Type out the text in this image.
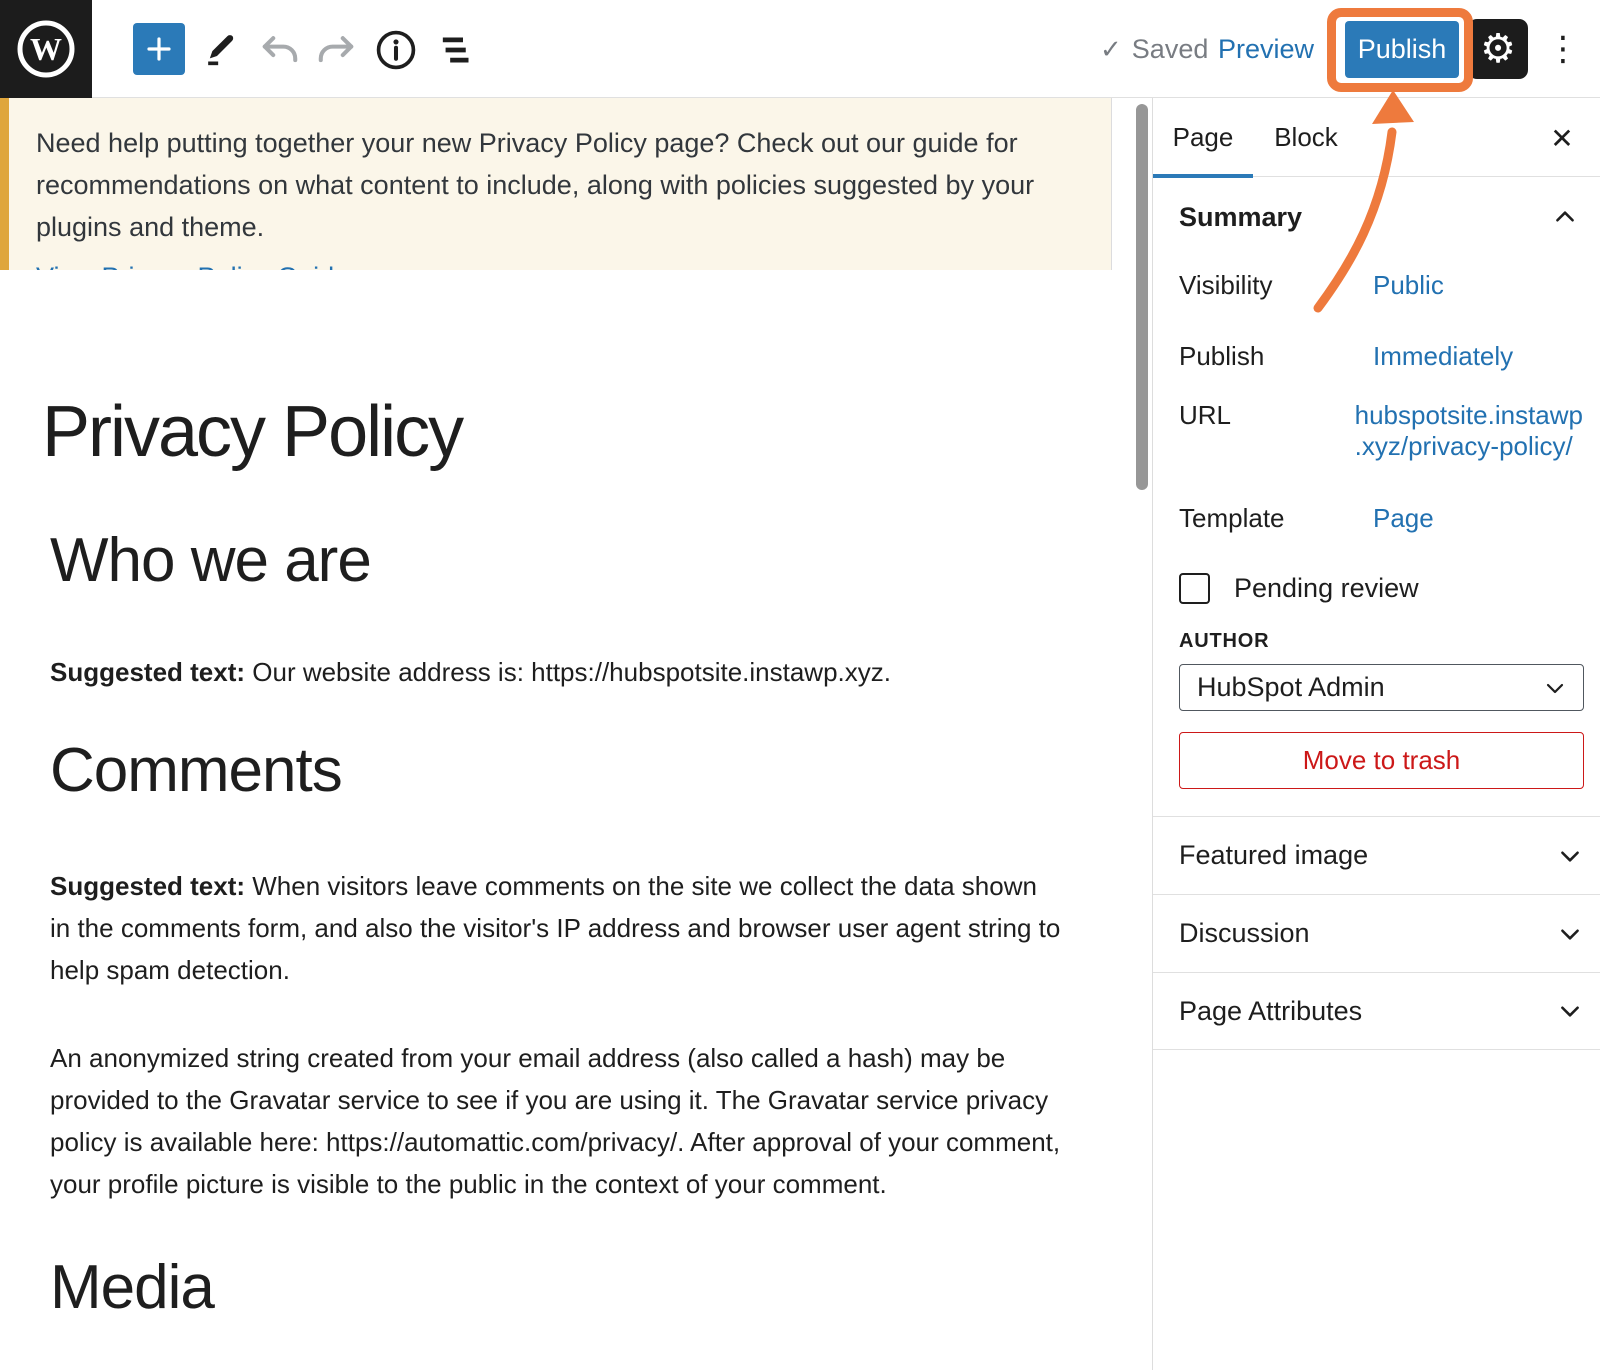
W	✓ Saved Preview	Publish ⚙ ⋮

Need help putting together your new Privacy Policy page? Check out our guide for recommendations on what content to include, along with policies suggested by your plugins and theme.

Privacy Policy
Who we are

Suggested text: Our website address is: https://hubspotsite.instawp.xyz.

Comments

Suggested text: When visitors leave comments on the site we collect the data shown in the comments form, and also the visitor's IP address and browser user agent string to help spam detection.

An anonymized string created from your email address (also called a hash) may be provided to the Gravatar service to see if you are using it. The Gravatar service privacy policy is available here: https://automattic.com/privacy/. After approval of your comment, your profile picture is visible to the public in the context of your comment.

Media
Page	Block	✕
Summary
Visibility	Public
Publish	Immediately
URL	hubspotsite.instawp
.xyz/privacy-policy/
Template	Page
Pending review
AUTHOR
HubSpot Admin
Move to trash
Featured image
Discussion
Page Attributes
